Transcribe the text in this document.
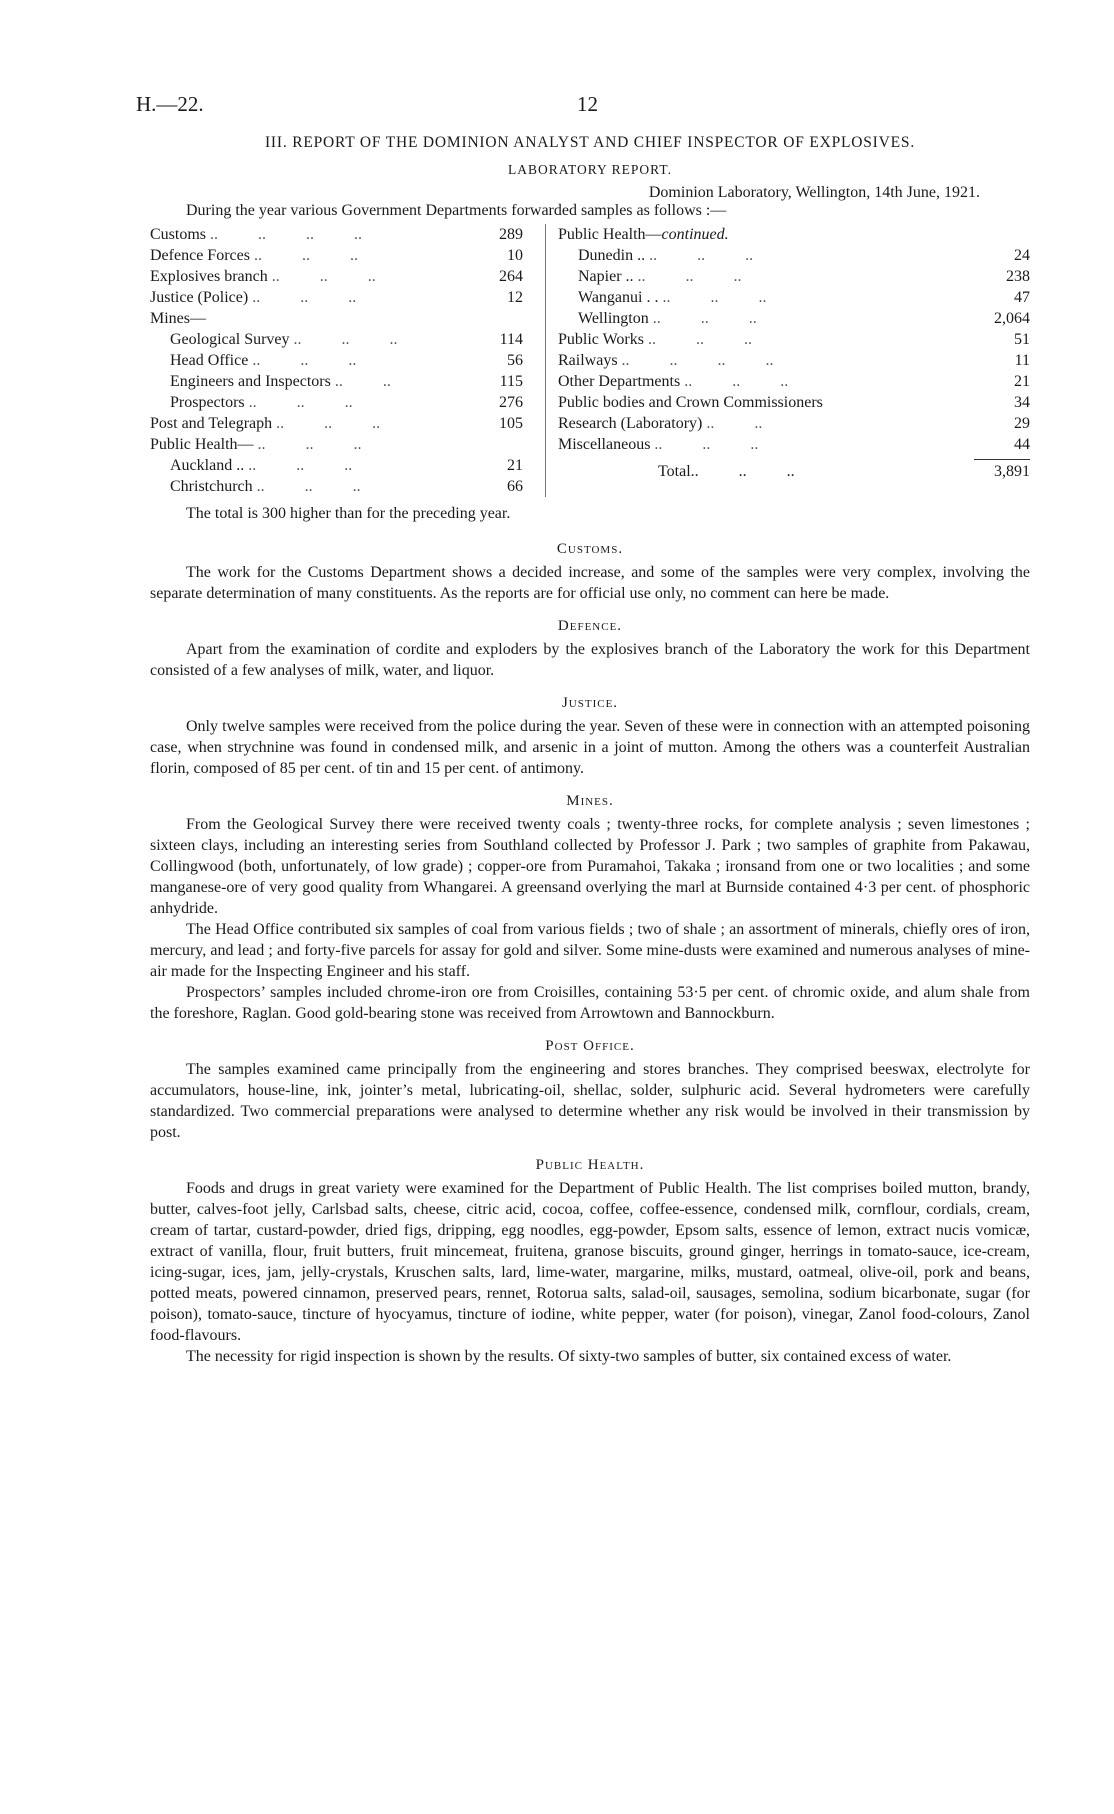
H.—22.	12
III. REPORT OF THE DOMINION ANALYST AND CHIEF INSPECTOR OF EXPLOSIVES.
LABORATORY REPORT.
Dominion Laboratory, Wellington, 14th June, 1921.
During the year various Government Departments forwarded samples as follows :—
Customs ..          ..          ..          ..	289
Defence Forces ..          ..          ..	10
Explosives branch ..          ..          ..	264
Justice (Police) ..          ..          ..	12
Mines—
Geological Survey ..          ..          ..	114
Head Office ..          ..          ..	56
Engineers and Inspectors ..          ..	115
Prospectors ..          ..          ..	276
Post and Telegraph ..          ..          ..	105
Public Health— ..          ..          ..
Auckland .. ..          ..          ..	21
Christchurch ..          ..          ..	66
Public Health—continued.
Dunedin .. ..          ..          ..	24
Napier .. ..          ..          ..	238
Wanganui . . ..          ..          ..	47
Wellington ..          ..          ..	2,064
Public Works ..          ..          ..	51
Railways ..          ..          ..          ..	11
Other Departments ..          ..          ..	21
Public bodies and Crown Commissioners	34
Research (Laboratory) ..          ..	29
Miscellaneous ..          ..          ..	44
Total..          ..          ..	3,891
The total is 300 higher than for the preceding year.
Customs.

The work for the Customs Department shows a decided increase, and some of the samples were very complex, involving the separate determination of many constituents. As the reports are for official use only, no comment can here be made.

Defence.

Apart from the examination of cordite and exploders by the explosives branch of the Laboratory the work for this Department consisted of a few analyses of milk, water, and liquor.

Justice.

Only twelve samples were received from the police during the year. Seven of these were in connection with an attempted poisoning case, when strychnine was found in condensed milk, and arsenic in a joint of mutton. Among the others was a counterfeit Australian florin, composed of 85 per cent. of tin and 15 per cent. of antimony.

Mines.

From the Geological Survey there were received twenty coals ; twenty-three rocks, for complete analysis ; seven limestones ; sixteen clays, including an interesting series from Southland collected by Professor J. Park ; two samples of graphite from Pakawau, Collingwood (both, unfortunately, of low grade) ; copper-ore from Puramahoi, Takaka ; ironsand from one or two localities ; and some manganese-ore of very good quality from Whangarei. A greensand overlying the marl at Burnside contained 4·3 per cent. of phosphoric anhydride.

The Head Office contributed six samples of coal from various fields ; two of shale ; an assortment of minerals, chiefly ores of iron, mercury, and lead ; and forty-five parcels for assay for gold and silver. Some mine-dusts were examined and numerous analyses of mine-air made for the Inspecting Engineer and his staff.

Prospectors’ samples included chrome-iron ore from Croisilles, containing 53·5 per cent. of chromic oxide, and alum shale from the foreshore, Raglan. Good gold-bearing stone was received from Arrowtown and Bannockburn.

Post Office.

The samples examined came principally from the engineering and stores branches. They comprised beeswax, electrolyte for accumulators, house-line, ink, jointer’s metal, lubricating-oil, shellac, solder, sulphuric acid. Several hydrometers were carefully standardized. Two commercial preparations were analysed to determine whether any risk would be involved in their transmission by post.

Public Health.

Foods and drugs in great variety were examined for the Department of Public Health. The list comprises boiled mutton, brandy, butter, calves-foot jelly, Carlsbad salts, cheese, citric acid, cocoa, coffee, coffee-essence, condensed milk, cornflour, cordials, cream, cream of tartar, custard-powder, dried figs, dripping, egg noodles, egg-powder, Epsom salts, essence of lemon, extract nucis vomicæ, extract of vanilla, flour, fruit butters, fruit mincemeat, fruitena, granose biscuits, ground ginger, herrings in tomato-sauce, ice-cream, icing-sugar, ices, jam, jelly-crystals, Kruschen salts, lard, lime-water, margarine, milks, mustard, oatmeal, olive-oil, pork and beans, potted meats, powered cinnamon, preserved pears, rennet, Rotorua salts, salad-oil, sausages, semolina, sodium bicarbonate, sugar (for poison), tomato-sauce, tincture of hyocyamus, tincture of iodine, white pepper, water (for poison), vinegar, Zanol food-colours, Zanol food-flavours.

The necessity for rigid inspection is shown by the results. Of sixty-two samples of butter, six contained excess of water.
